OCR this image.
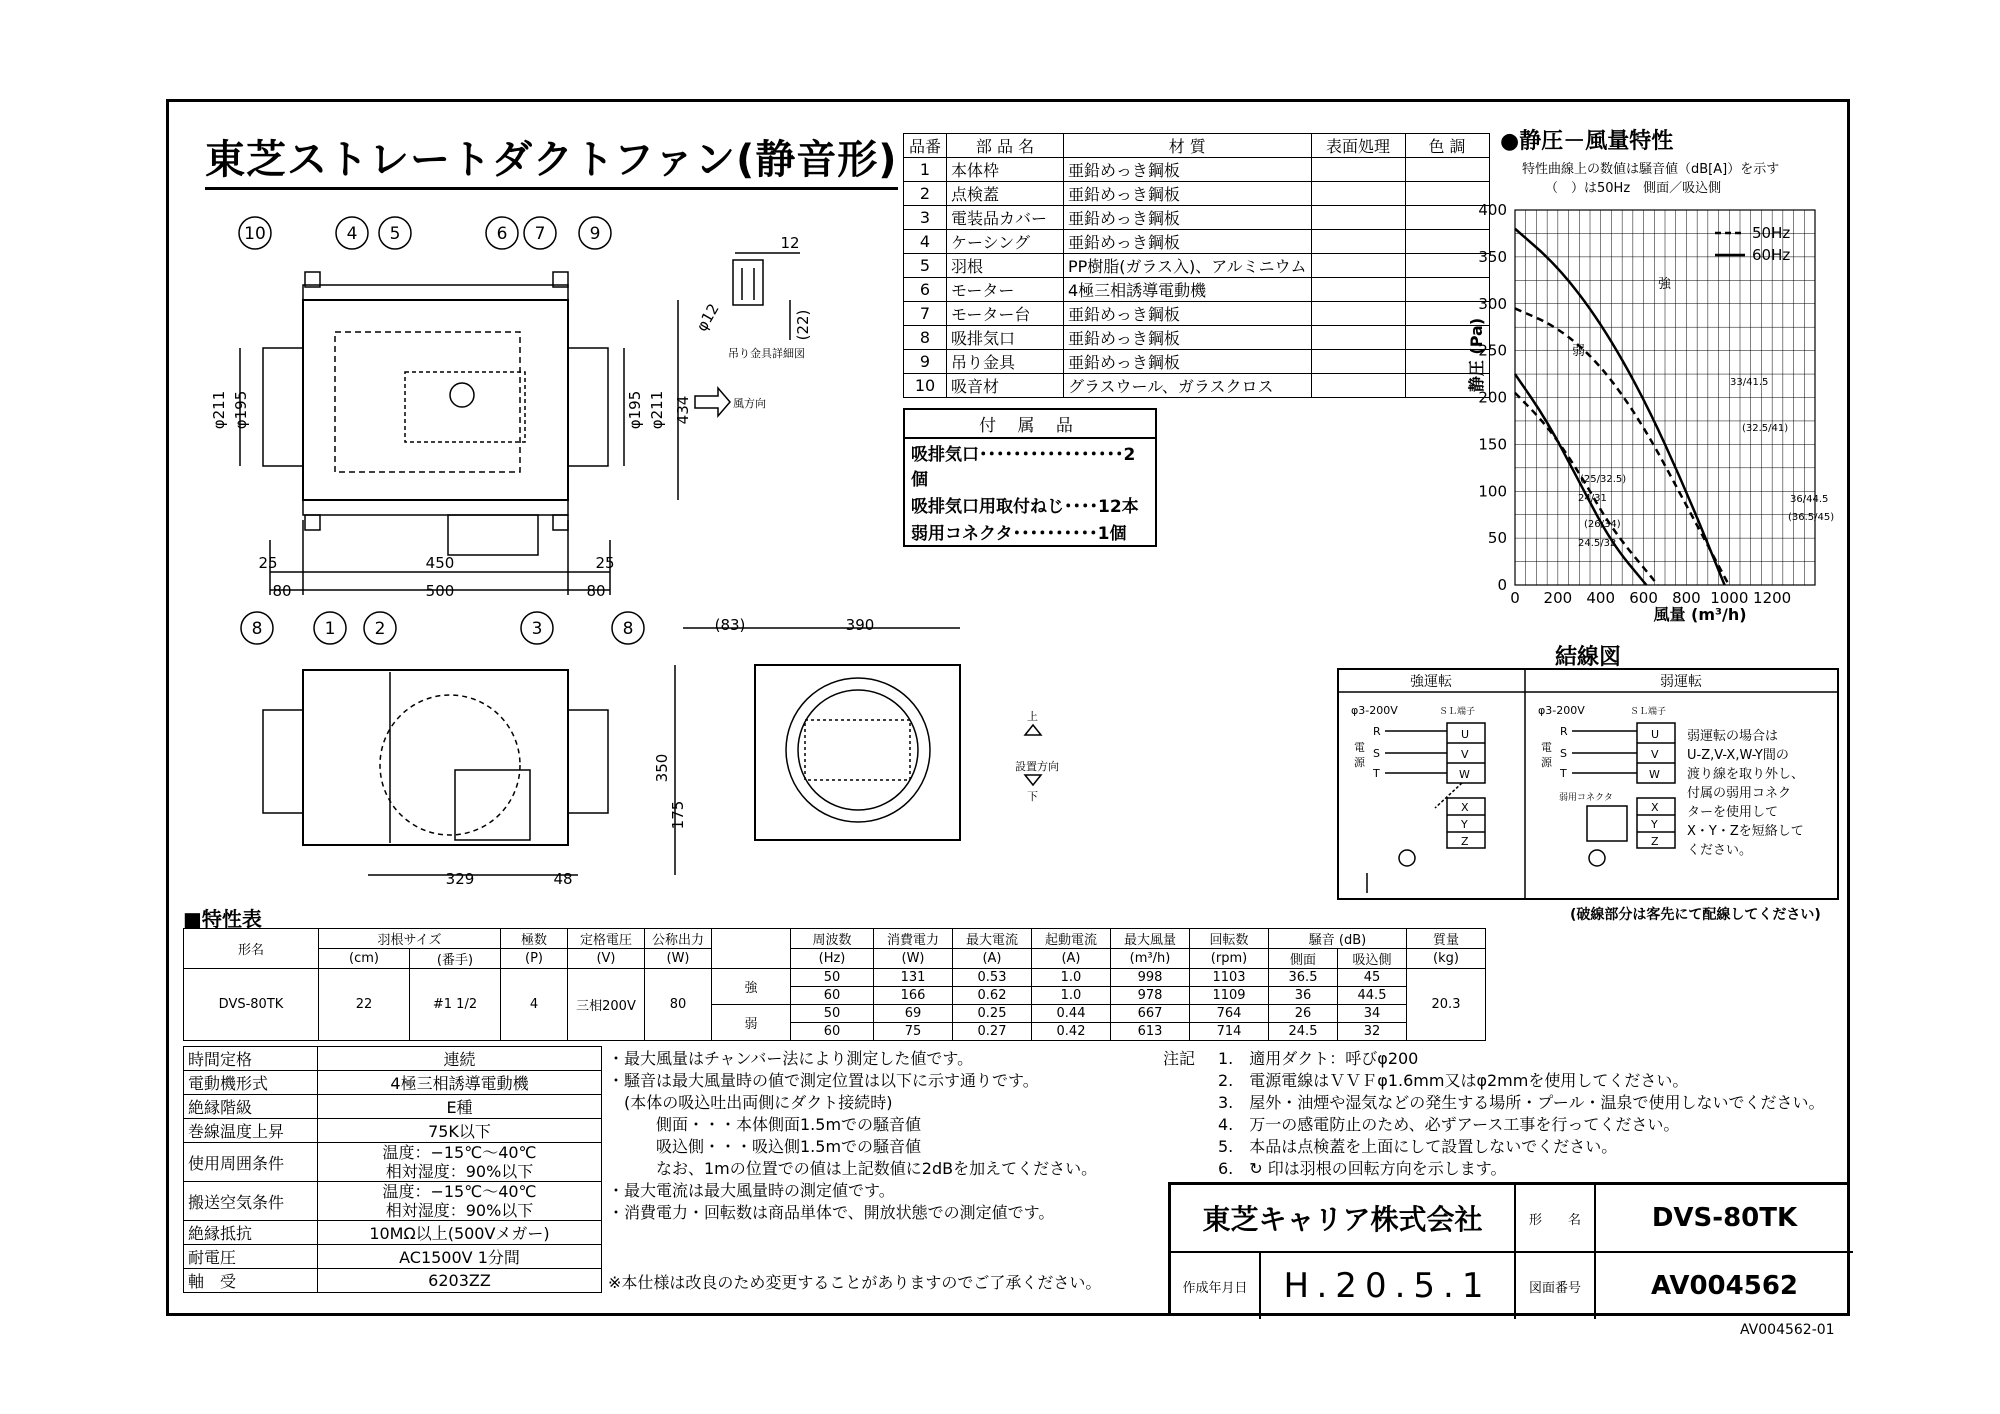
東芝ストレートダクトファン(静音形)
φ211 φ195	φ195 φ211 434
25	450	25
80	500	80
329	48
(83)	390
350
175
12
φ12	(22)
吊り金具詳細図
風方向
設置方向
上
下
10	4 5	6 7	9
8	1 2	3	8
品番	部 品 名	材 質	表面処理	色 調
1	本体枠	亜鉛めっき鋼板		
2	点検蓋	亜鉛めっき鋼板		
3	電装品カバー	亜鉛めっき鋼板		
4	ケーシング	亜鉛めっき鋼板		
5	羽根	PP樹脂(ガラス入)、アルミニウム		
6	モーター	4極三相誘導電動機		
7	モーター台	亜鉛めっき鋼板		
8	吸排気口	亜鉛めっき鋼板		
9	吊り金具	亜鉛めっき鋼板		
10	吸音材	グラスウール、ガラスクロス		
付 属 品
吸排気口･････････････････2個
吸排気口用取付ねじ････12本
弱用コネクタ･･････････1個
●静圧－風量特性
特性曲線上の数値は騒音値（dB[A]）を示す
（　）は50Hz　側面／吸込側
0 200 400 600 800 1000 1200
0
50
100
150
200
250
300
350
400
50Hz
60Hz
強
弱
33/41.5
(32.5/41)
36/44.5
(36.5/45)
(25/32.5)
24/31
(26/34)
24.5/32
静圧 (Pa)
風量 (m³/h)
結線図
強運転	弱運転
φ3-200V	φ3-200V
ＳＬ端子	ＳＬ端子
電
源
電
源
R
S
T
R
S
T
U
V
W
X
Y
Z
U
V
W
X
Y
Z
弱用コネクタ
弱運転の場合は
U-Z,V-X,W-Y間の
渡り線を取り外し、
付属の弱用コネク
ターを使用して
X・Y・Zを短絡して
ください。
(破線部分は客先にて配線してください)
■特性表
形名	羽根サイズ		極数	定格電圧	公称出力		周波数	消費電力	最大電流	起動電流	最大風量	回転数	騒音 (dB)		質量
	(cm)	(番手)	(P)	(V)	(W)		(Hz)	(W)	(A)	(A)	(m³/h)	(rpm)	側面	吸込側	(kg)
DVS-80TK	22	#1 1/2	4	三相200V	80	強	50	131	0.53	1.0	998	1103	36.5	45	20.3
							60	166	0.62	1.0	978	1109	36	44.5	
						弱	50	69	0.25	0.44	667	764	26	34	
							60	75	0.27	0.42	613	714	24.5	32	
時間定格	連続
電動機形式	4極三相誘導電動機
絶縁階級	E種
巻線温度上昇	75K以下
使用周囲条件	温度：−15℃〜40℃
相対湿度：90%以下

搬送空気条件	温度：−15℃〜40℃
相対湿度：90%以下

絶縁抵抗	10MΩ以上(500Vメガー)
耐電圧	AC1500V 1分間
軸　受	6203ZZ
・最大風量はチャンバー法により測定した値です。
・騒音は最大風量時の値で測定位置は以下に示す通りです。
　(本体の吸込吐出両側にダクト接続時)
　　　側面・・・本体側面1.5mでの騒音値
　　　吸込側・・・吸込側1.5mでの騒音値
　　　なお、1mの位置での値は上記数値に2dBを加えてください。
・最大電流は最大風量時の測定値です。
・消費電力・回転数は商品単体で、開放状態での測定値です。
※本仕様は改良のため変更することがありますのでご了承ください。
注記 1.　適用ダクト：呼びφ200
2.　電源電線はＶＶＦφ1.6mm又はφ2mmを使用してください。
3.　屋外・油煙や湿気などの発生する場所・プール・温泉で使用しないでください。
4.　万一の感電防止のため、必ずアース工事を行ってください。
5.　本品は点検蓋を上面にして設置しないでください。
6.　↻ 印は羽根の回転方向を示します。
東芝キャリア株式会社	形　　名	DVS-80TK
作成年月日	H.20.5.1	図面番号	AV004562
AV004562-01
